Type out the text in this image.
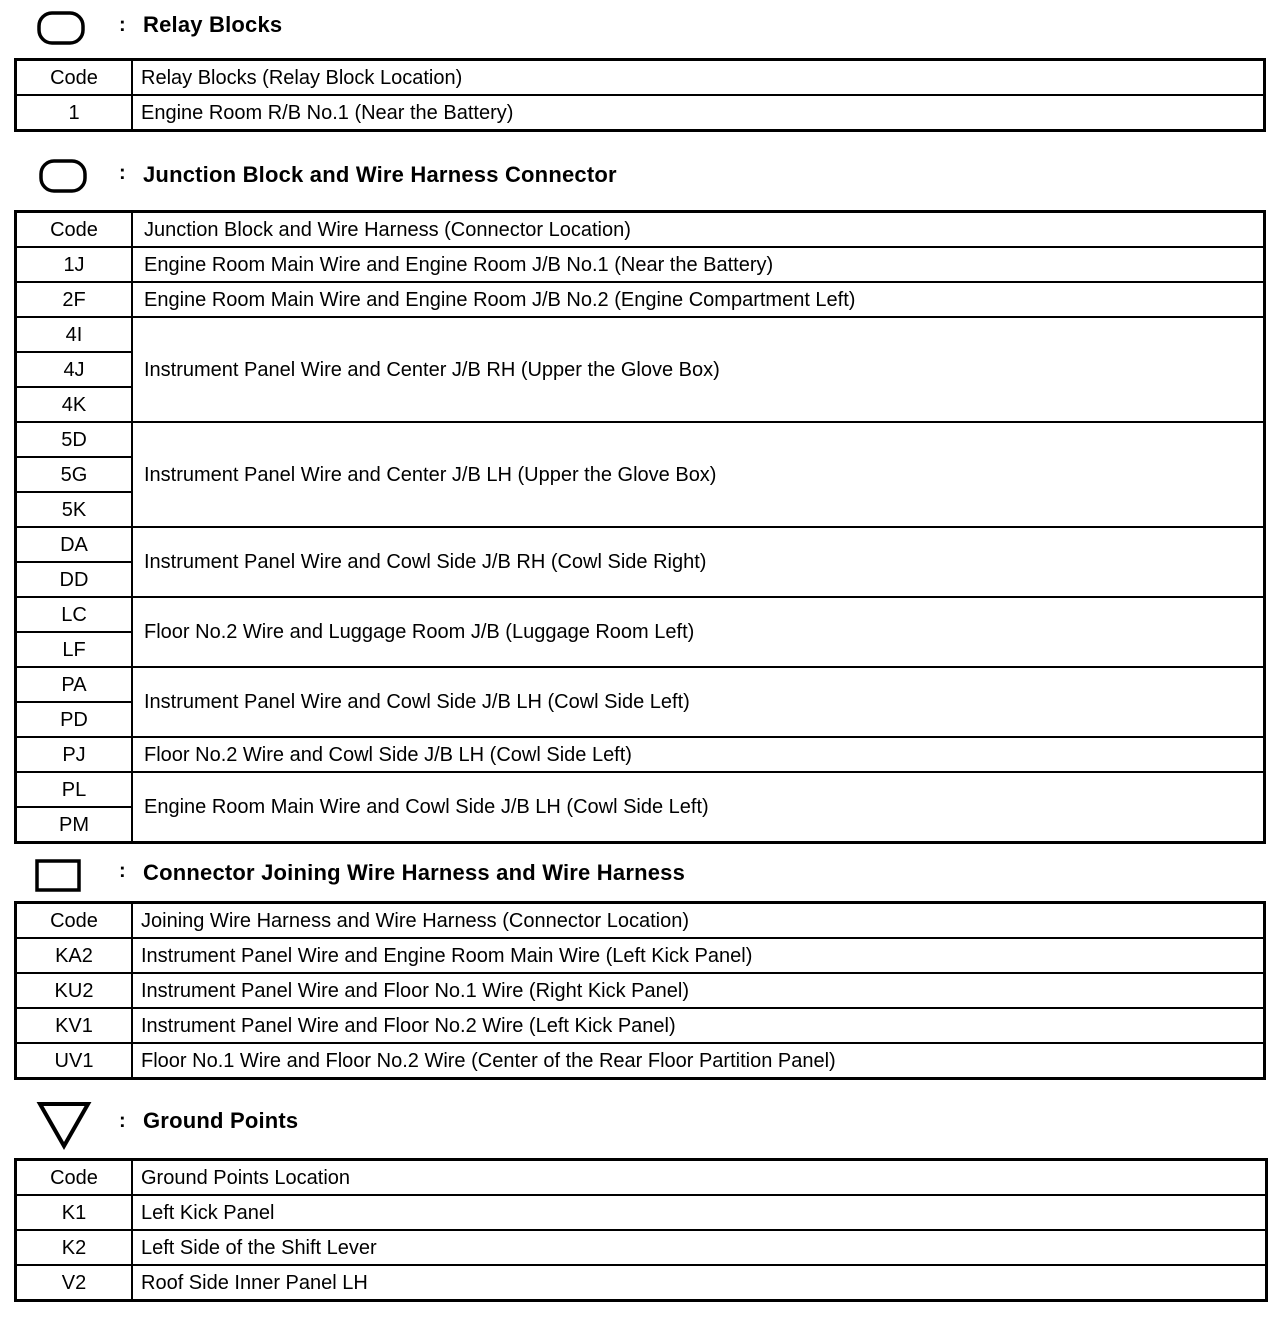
: Relay Blocks
Code	Relay Blocks (Relay Block Location)
1	Engine Room R/B No.1 (Near the Battery)
: Junction Block and Wire Harness Connector
Code	Junction Block and Wire Harness (Connector Location)
1J	Engine Room Main Wire and Engine Room J/B No.1 (Near the Battery)
2F	Engine Room Main Wire and Engine Room J/B No.2 (Engine Compartment Left)
4I	Instrument Panel Wire and Center J/B RH (Upper the Glove Box)
4J	
4K	
5D	Instrument Panel Wire and Center J/B LH (Upper the Glove Box)
5G	
5K	
DA	Instrument Panel Wire and Cowl Side J/B RH (Cowl Side Right)
DD	
LC	Floor No.2 Wire and Luggage Room J/B (Luggage Room Left)
LF	
PA	Instrument Panel Wire and Cowl Side J/B LH (Cowl Side Left)
PD	
PJ	Floor No.2 Wire and Cowl Side J/B LH (Cowl Side Left)
PL	Engine Room Main Wire and Cowl Side J/B LH (Cowl Side Left)
PM	
: Connector Joining Wire Harness and Wire Harness
Code	Joining Wire Harness and Wire Harness (Connector Location)
KA2	Instrument Panel Wire and Engine Room Main Wire (Left Kick Panel)
KU2	Instrument Panel Wire and Floor No.1 Wire (Right Kick Panel)
KV1	Instrument Panel Wire and Floor No.2 Wire (Left Kick Panel)
UV1	Floor No.1 Wire and Floor No.2 Wire (Center of the Rear Floor Partition Panel)
: Ground Points
Code	Ground Points Location
K1	Left Kick Panel
K2	Left Side of the Shift Lever
V2	Roof Side Inner Panel LH
